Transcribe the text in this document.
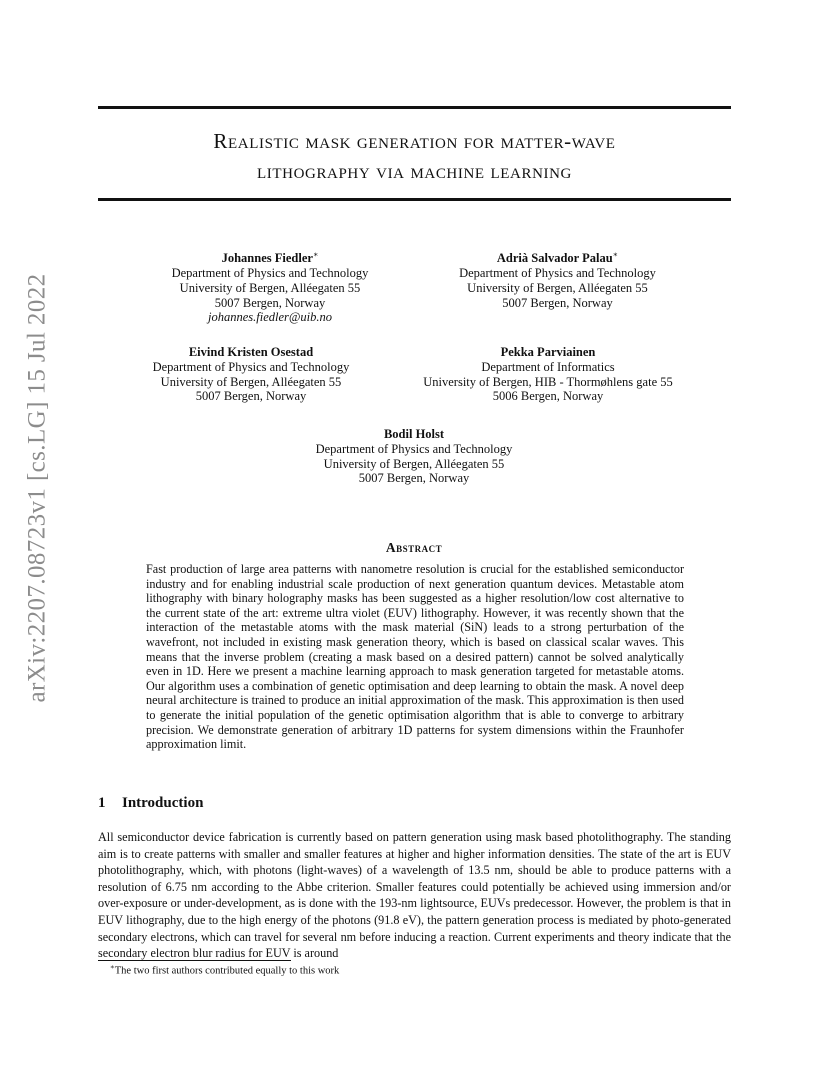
arXiv:2207.08723v1 [cs.LG] 15 Jul 2022
Realistic mask generation for matter-wave
lithography via machine learning
Johannes Fiedler∗
Department of Physics and Technology
University of Bergen, Alléegaten 55
5007 Bergen, Norway
johannes.fiedler@uib.no
Adrià Salvador Palau∗
Department of Physics and Technology
University of Bergen, Alléegaten 55
5007 Bergen, Norway
Eivind Kristen Osestad
Department of Physics and Technology
University of Bergen, Alléegaten 55
5007 Bergen, Norway
Pekka Parviainen
Department of Informatics
University of Bergen, HIB - Thormøhlens gate 55
5006 Bergen, Norway
Bodil Holst
Department of Physics and Technology
University of Bergen, Alléegaten 55
5007 Bergen, Norway
Abstract

Fast production of large area patterns with nanometre resolution is crucial for the established semiconductor industry and for enabling industrial scale production of next generation quantum devices. Metastable atom lithography with binary holography masks has been suggested as a higher resolution/low cost alternative to the current state of the art: extreme ultra violet (EUV) lithography. However, it was recently shown that the interaction of the metastable atoms with the mask material (SiN) leads to a strong perturbation of the wavefront, not included in existing mask generation theory, which is based on classical scalar waves. This means that the inverse problem (creating a mask based on a desired pattern) cannot be solved analytically even in 1D. Here we present a machine learning approach to mask generation targeted for metastable atoms. Our algorithm uses a combination of genetic optimisation and deep learning to obtain the mask. A novel deep neural architecture is trained to produce an initial approximation of the mask. This approximation is then used to generate the initial population of the genetic optimisation algorithm that is able to converge to arbitrary precision. We demonstrate generation of arbitrary 1D patterns for system dimensions within the Fraunhofer approximation limit.

1 Introduction

All semiconductor device fabrication is currently based on pattern generation using mask based photolithography. The standing aim is to create patterns with smaller and smaller features at higher and higher information densities. The state of the art is EUV photolithography, which, with photons (light-waves) of a wavelength of 13.5 nm, should be able to produce patterns with a resolution of 6.75 nm according to the Abbe criterion. Smaller features could potentially be achieved using immersion and/or over-exposure or under-development, as is done with the 193-nm lightsource, EUVs predecessor. However, the problem is that in EUV lithography, due to the high energy of the photons (91.8 eV), the pattern generation process is mediated by photo-generated secondary electrons, which can travel for several nm before inducing a reaction. Current experiments and theory indicate that the secondary electron blur radius for EUV is around

∗The two first authors contributed equally to this work
